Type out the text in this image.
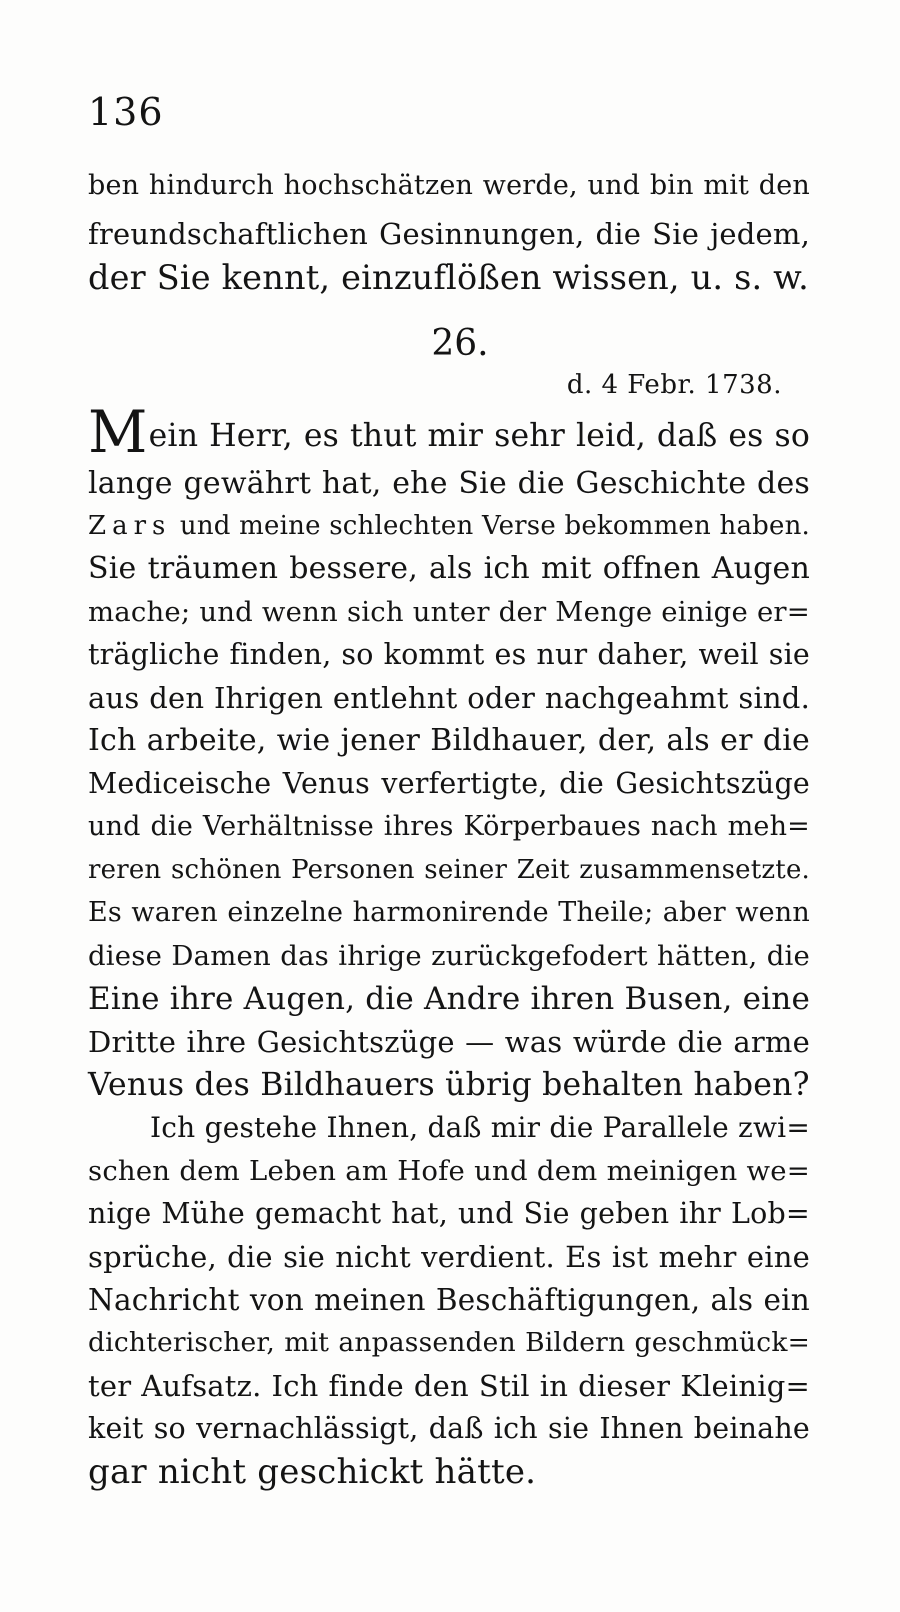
136
ben hindurch hochschätzen werde, und bin mit den
freundschaftlichen Gesinnungen, die Sie jedem,
der Sie kennt, einzuflößen wissen, u. s. w.
26.
d. 4 Febr. 1738.
Mein Herr, es thut mir sehr leid, daß es so
lange gewährt hat, ehe Sie die Geschichte des
Zars und meine schlechten Verse bekommen haben.
Sie träumen bessere, als ich mit offnen Augen
mache; und wenn sich unter der Menge einige er=
trägliche finden, so kommt es nur daher, weil sie
aus den Ihrigen entlehnt oder nachgeahmt sind.
Ich arbeite, wie jener Bildhauer, der, als er die
Mediceische Venus verfertigte, die Gesichtszüge
und die Verhältnisse ihres Körperbaues nach meh=
reren schönen Personen seiner Zeit zusammensetzte.
Es waren einzelne harmonirende Theile; aber wenn
diese Damen das ihrige zurückgefodert hätten, die
Eine ihre Augen, die Andre ihren Busen, eine
Dritte ihre Gesichtszüge — was würde die arme
Venus des Bildhauers übrig behalten haben?
Ich gestehe Ihnen, daß mir die Parallele zwi=
schen dem Leben am Hofe und dem meinigen we=
nige Mühe gemacht hat, und Sie geben ihr Lob=
sprüche, die sie nicht verdient. Es ist mehr eine
Nachricht von meinen Beschäftigungen, als ein
dichterischer, mit anpassenden Bildern geschmück=
ter Aufsatz. Ich finde den Stil in dieser Kleinig=
keit so vernachlässigt, daß ich sie Ihnen beinahe
gar nicht geschickt hätte.
